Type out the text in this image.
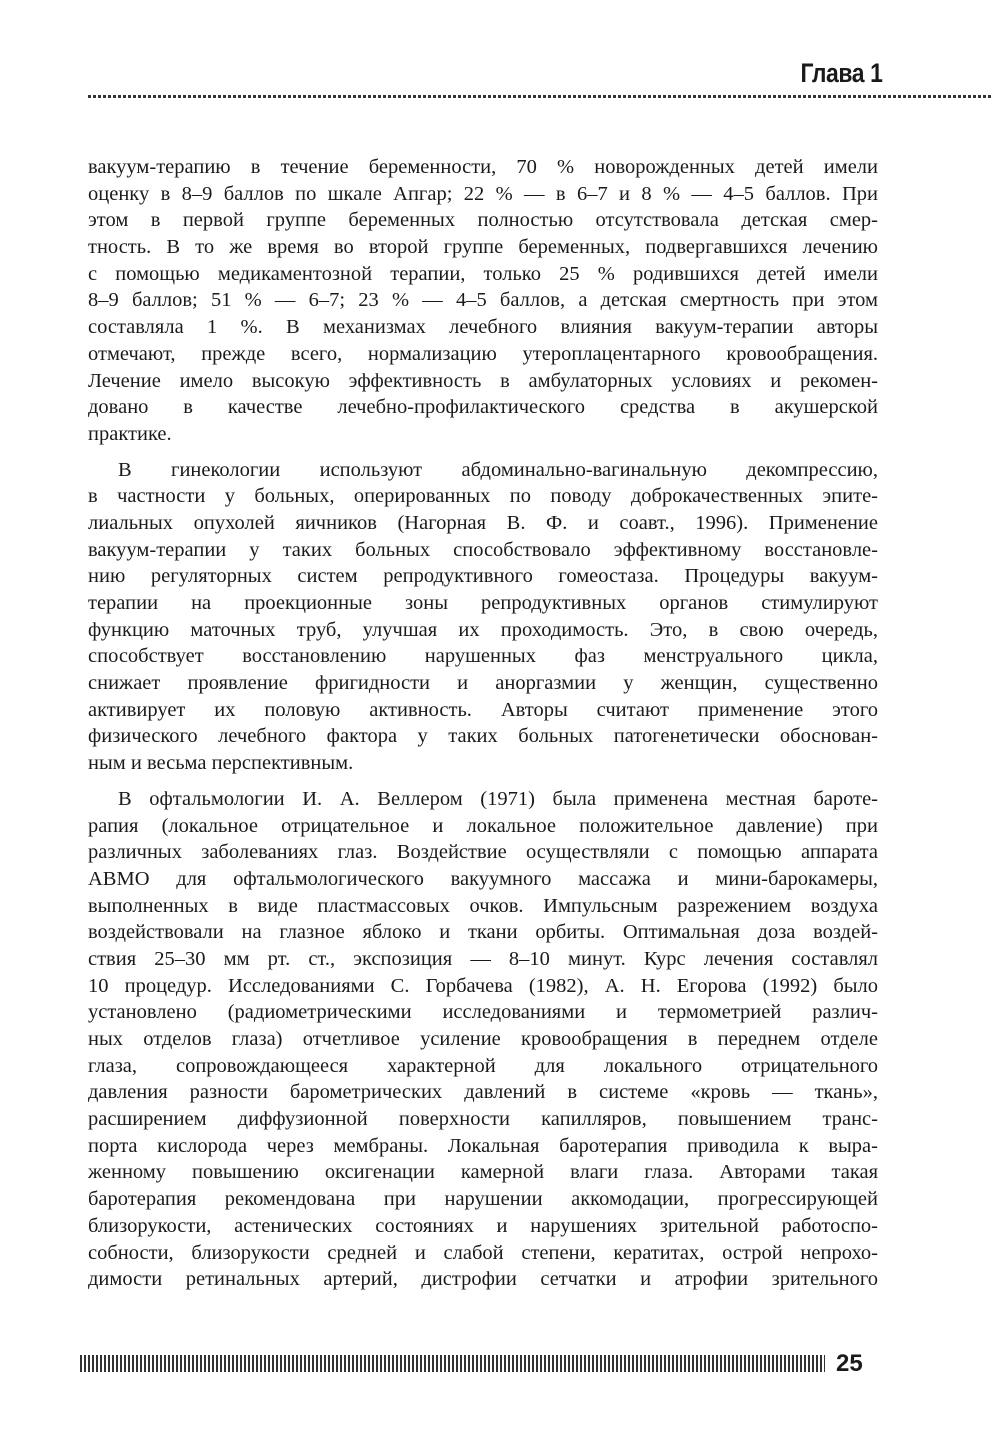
Глава 1
вакуум-терапию в течение беременности, 70 % новорожденных детей имели
оценку в 8–9 баллов по шкале Апгар; 22 % — в 6–7 и 8 % — 4–5 баллов. При
этом в первой группе беременных полностью отсутствовала детская смер-
тность. В то же время во второй группе беременных, подвергавшихся лечению
с помощью медикаментозной терапии, только 25 % родившихся детей имели
8–9 баллов; 51 % — 6–7; 23 % — 4–5 баллов, а детская смертность при этом
составляла 1 %. В механизмах лечебного влияния вакуум-терапии авторы
отмечают, прежде всего, нормализацию утероплацентарного кровообращения.
Лечение имело высокую эффективность в амбулаторных условиях и рекомен-
довано в качестве лечебно-профилактического средства в акушерской
практике.
В гинекологии используют абдоминально-вагинальную декомпрессию,
в частности у больных, оперированных по поводу доброкачественных эпите-
лиальных опухолей яичников (Нагорная В. Ф. и соавт., 1996). Применение
вакуум-терапии у таких больных способствовало эффективному восстановле-
нию регуляторных систем репродуктивного гомеостаза. Процедуры вакуум-
терапии на проекционные зоны репродуктивных органов стимулируют
функцию маточных труб, улучшая их проходимость. Это, в свою очередь,
способствует восстановлению нарушенных фаз менструального цикла,
снижает проявление фригидности и аноргазмии у женщин, существенно
активирует их половую активность. Авторы считают применение этого
физического лечебного фактора у таких больных патогенетически обоснован-
ным и весьма перспективным.
В офтальмологии И. А. Веллером (1971) была применена местная бароте-
рапия (локальное отрицательное и локальное положительное давление) при
различных заболеваниях глаз. Воздействие осуществляли с помощью аппарата
АВМО для офтальмологического вакуумного массажа и мини-барокамеры,
выполненных в виде пластмассовых очков. Импульсным разрежением воздуха
воздействовали на глазное яблоко и ткани орбиты. Оптимальная доза воздей-
ствия 25–30 мм рт. ст., экспозиция — 8–10 минут. Курс лечения составлял
10 процедур. Исследованиями С. Горбачева (1982), А. Н. Егорова (1992) было
установлено (радиометрическими исследованиями и термометрией различ-
ных отделов глаза) отчетливое усиление кровообращения в переднем отделе
глаза, сопровождающееся характерной для локального отрицательного
давления разности барометрических давлений в системе «кровь — ткань»,
расширением диффузионной поверхности капилляров, повышением транс-
порта кислорода через мембраны. Локальная баротерапия приводила к выра-
женному повышению оксигенации камерной влаги глаза. Авторами такая
баротерапия рекомендована при нарушении аккомодации, прогрессирующей
близорукости, астенических состояниях и нарушениях зрительной работоспо-
собности, близорукости средней и слабой степени, кератитах, острой непрохо-
димости ретинальных артерий, дистрофии сетчатки и атрофии зрительного
25
